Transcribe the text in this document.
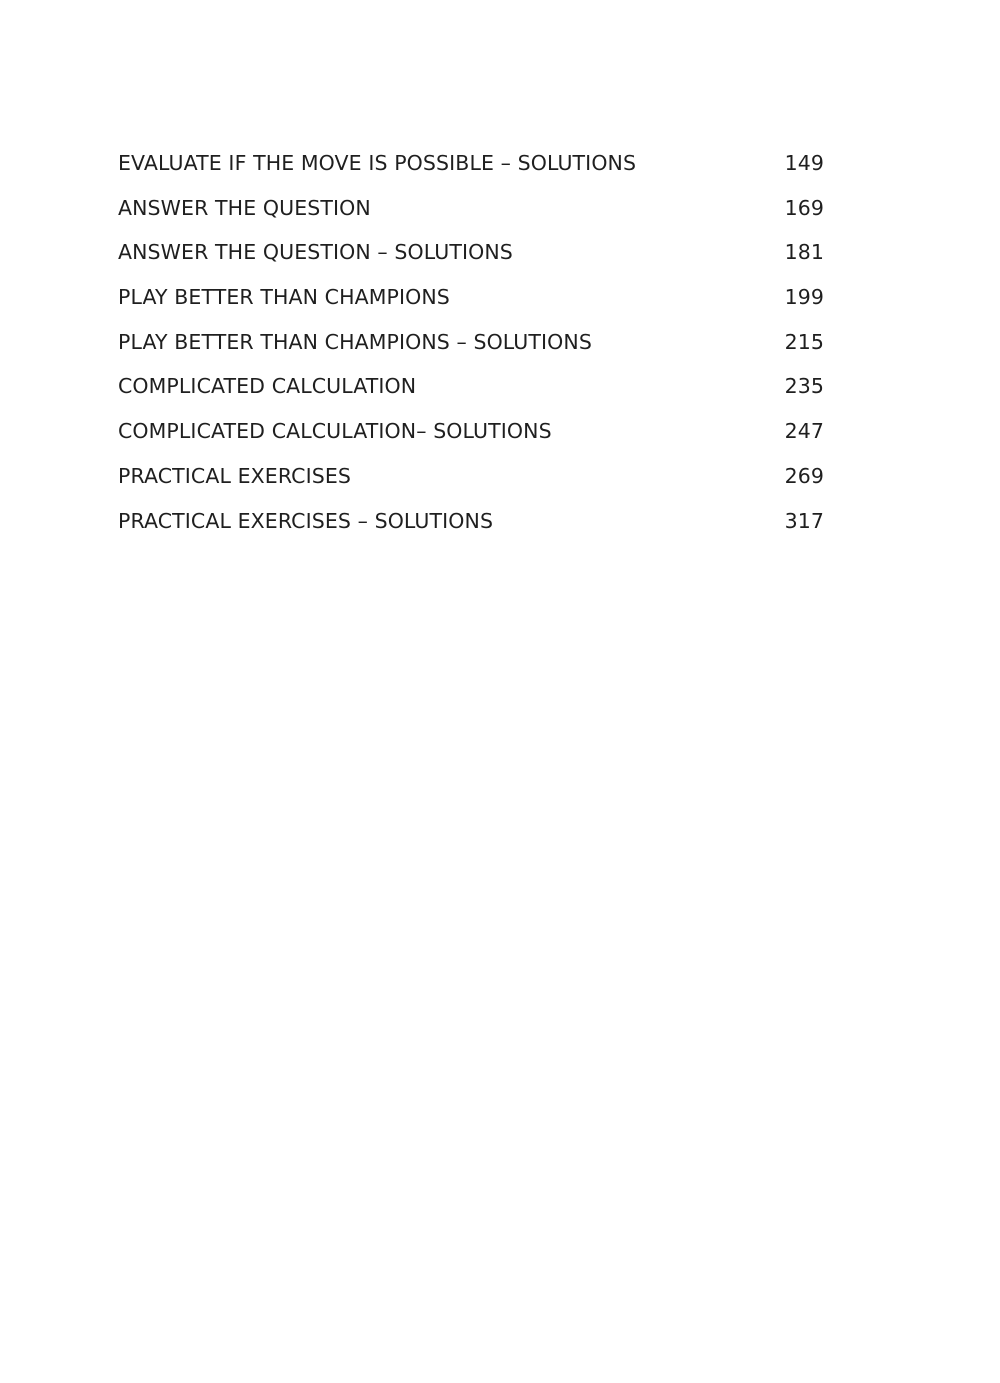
EVALUATE IF THE MOVE IS POSSIBLE – SOLUTIONS	149
ANSWER THE QUESTION	169
ANSWER THE QUESTION – SOLUTIONS	181
PLAY BETTER THAN CHAMPIONS	199
PLAY BETTER THAN CHAMPIONS – SOLUTIONS	215
COMPLICATED CALCULATION	235
COMPLICATED CALCULATION– SOLUTIONS	247
PRACTICAL EXERCISES	269
PRACTICAL EXERCISES – SOLUTIONS	317
